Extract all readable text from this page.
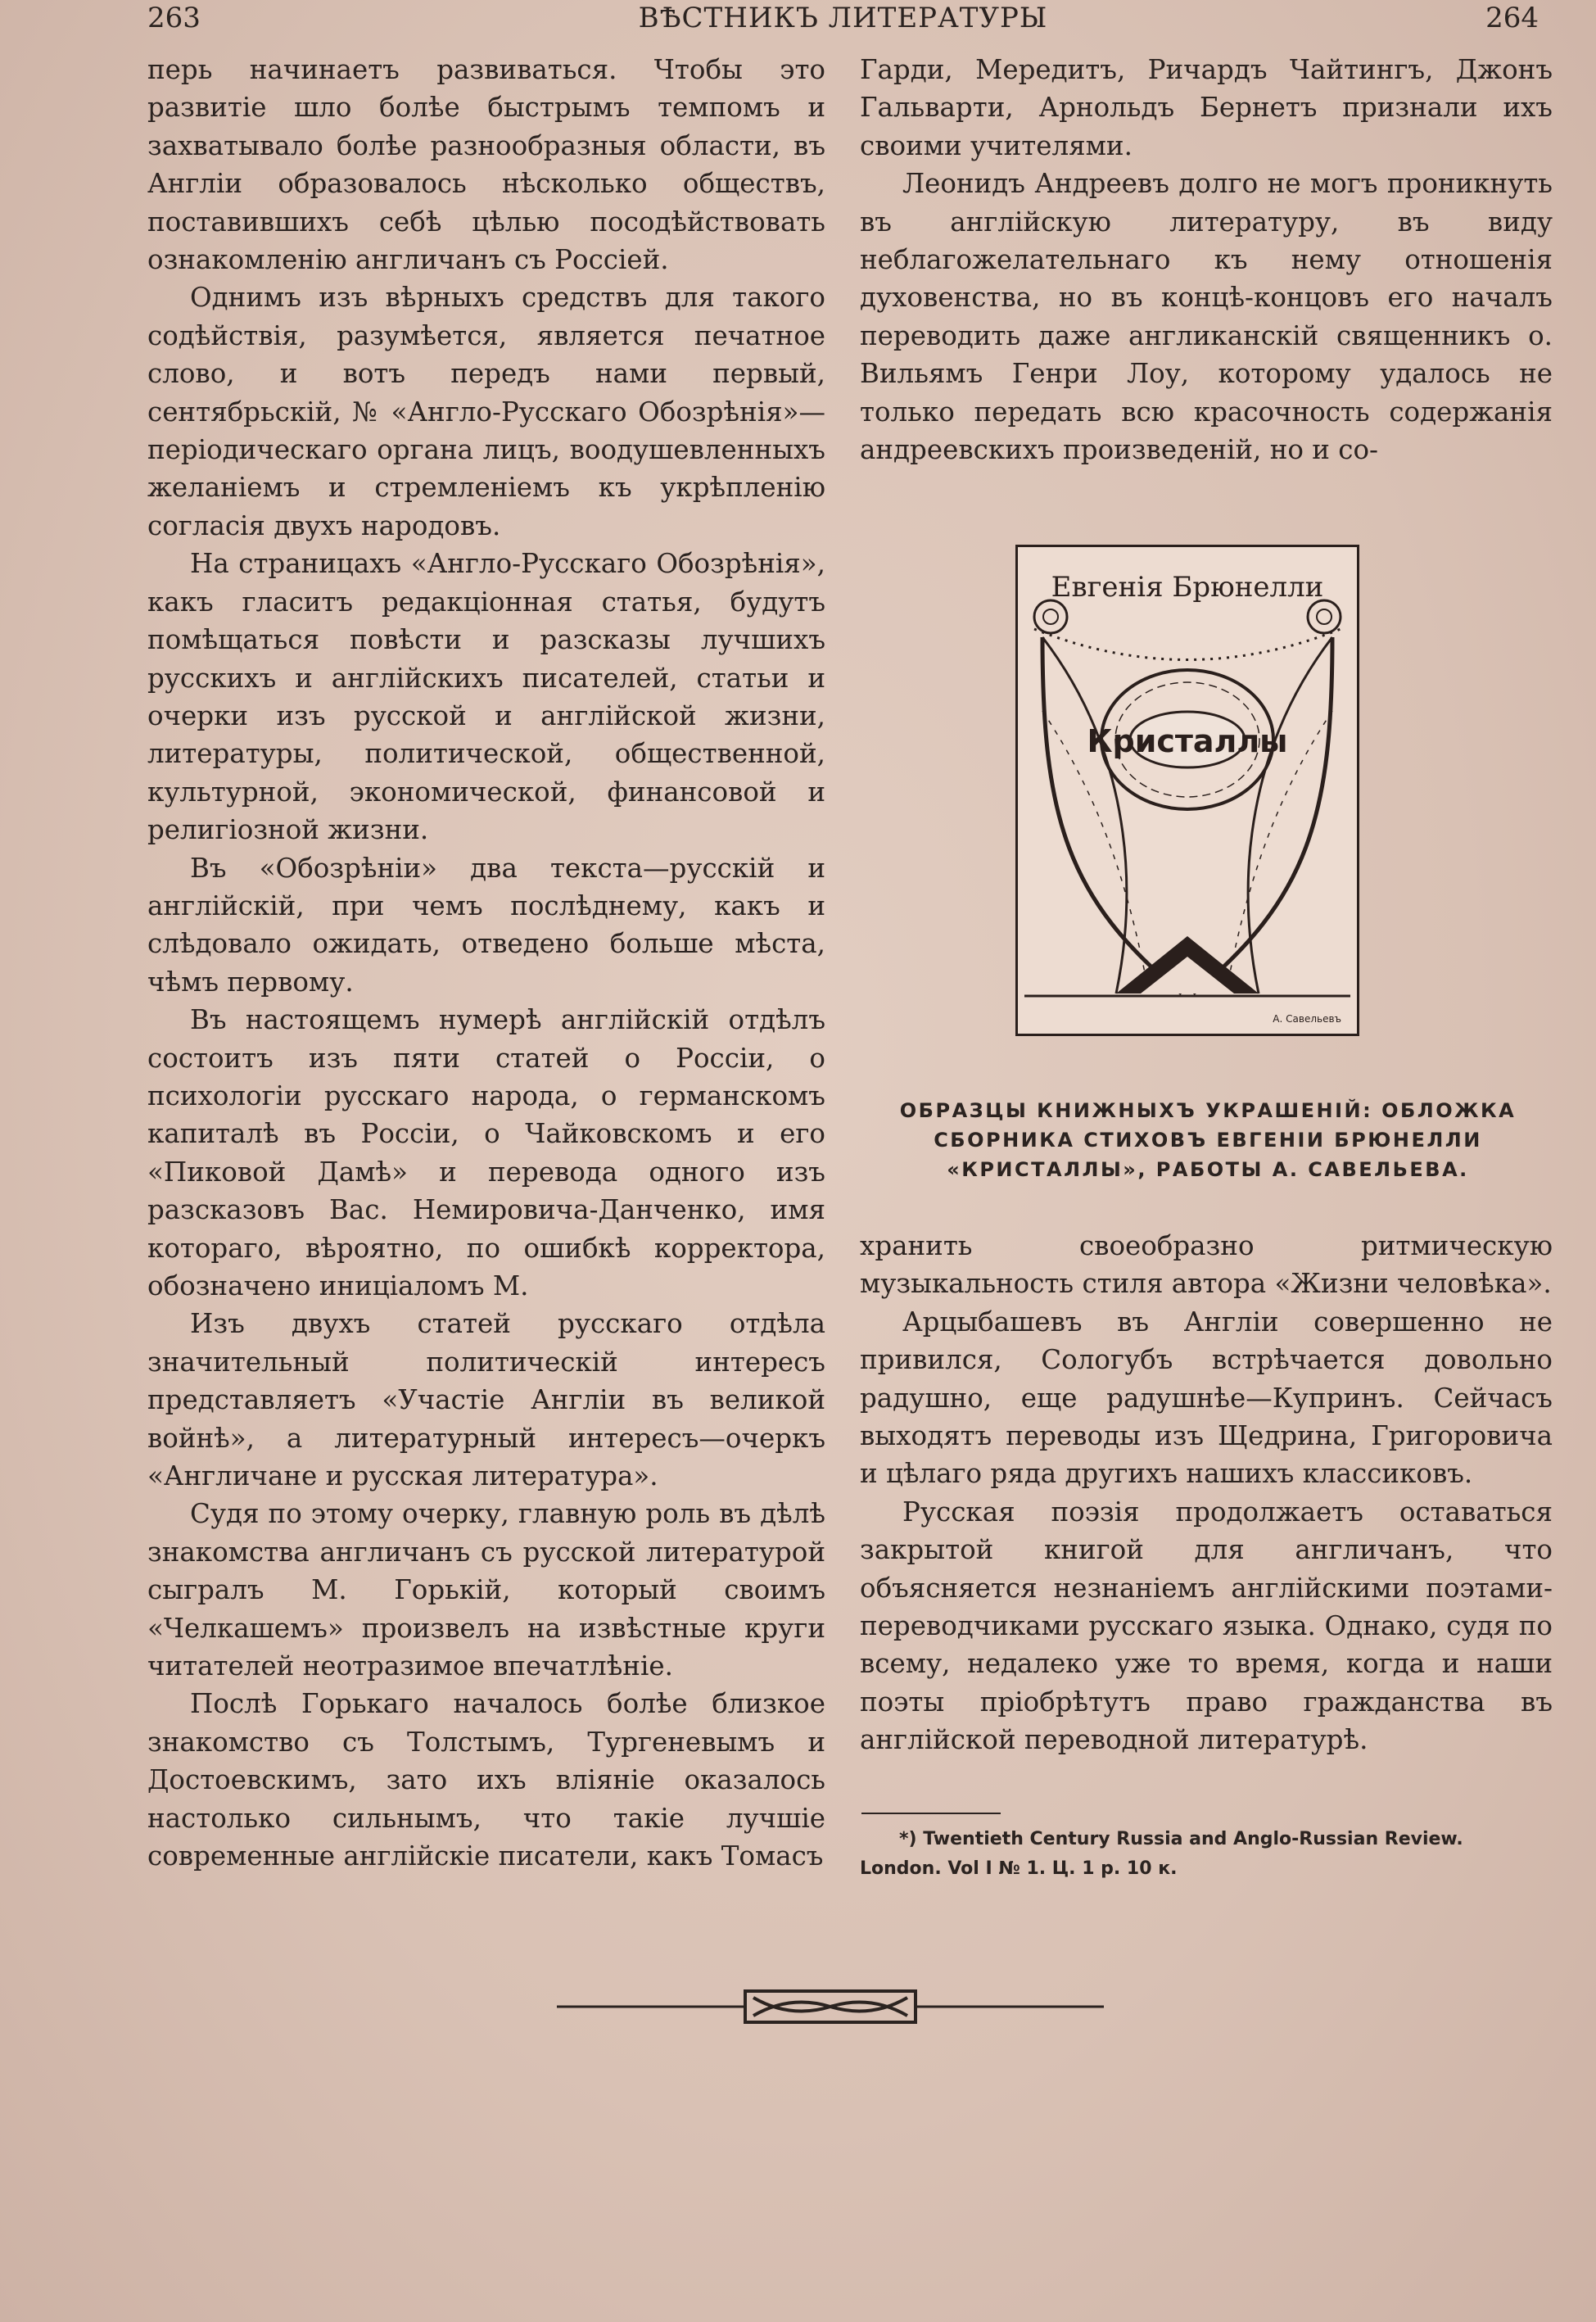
263	ВѢСТНИКЪ ЛИТЕРАТУРЫ	264

перь начинаетъ развиваться. Чтобы это развитіе шло болѣе быстрымъ темпомъ и захватывало болѣе разнообразныя области, въ Англіи образовалось нѣсколько обществъ, поставившихъ себѣ цѣлью посодѣйствовать ознакомленію англичанъ съ Россіей.

Однимъ изъ вѣрныхъ средствъ для такого содѣйствія, разумѣется, является печатное слово, и вотъ передъ нами первый, сентябрьскій, № «Англо-Русскаго Обозрѣнія»—періодическаго органа лицъ, воодушевленныхъ желаніемъ и стремленіемъ къ укрѣпленію согласія двухъ народовъ.

На страницахъ «Англо-Русскаго Обозрѣнія», какъ гласитъ редакціонная статья, будутъ помѣщаться повѣсти и разсказы лучшихъ русскихъ и англійскихъ писателей, статьи и очерки изъ русской и англійской жизни, литературы, политической, общественной, культурной, экономической, финансовой и религіозной жизни.

Въ «Обозрѣніи» два текста—русскій и англійскій, при чемъ послѣднему, какъ и слѣдовало ожидать, отведено больше мѣста, чѣмъ первому.

Въ настоящемъ нумерѣ англійскій отдѣлъ состоитъ изъ пяти статей о Россіи, о психологіи русскаго народа, о германскомъ капиталѣ въ Россіи, о Чайковскомъ и его «Пиковой Дамѣ» и перевода одного изъ разсказовъ Вас. Немировича-Данченко, имя котораго, вѣроятно, по ошибкѣ корректора, обозначено иниціаломъ М.

Изъ двухъ статей русскаго отдѣла значительный политическій интересъ представляетъ «Участіе Англіи въ великой войнѣ», а литературный интересъ—очеркъ «Англичане и русская литература».

Судя по этому очерку, главную роль въ дѣлѣ знакомства англичанъ съ русской литературой сыгралъ М. Горькій, который своимъ «Челкашемъ» произвелъ на извѣстные круги читателей неотразимое впечатлѣніе.

Послѣ Горькаго началось болѣе близкое знакомство съ Толстымъ, Тургеневымъ и Достоевскимъ, зато ихъ вліяніе оказалось настолько сильнымъ, что такіе лучшіе современные англійскіе писатели, какъ Томасъ

Гарди, Мередитъ, Ричардъ Чайтингъ, Джонъ Гальварти, Арнольдъ Бернетъ признали ихъ своими учителями.

Леонидъ Андреевъ долго не могъ проникнуть въ англійскую литературу, въ виду неблагожелательнаго къ нему отношенія духовенства, но въ концѣ-концовъ его началъ переводить даже англиканскій священникъ о. Вильямъ Генри Лоу, которому удалось не только передать всю красочность содержанія андреевскихъ произведеній, но и со-

Евгенія Брюнелли
Кристаллы
А. Савельевъ
ОБРАЗЦЫ КНИЖНЫХЪ УКРАШЕНІЙ: ОБЛОЖКА СБОРНИКА СТИХОВЪ ЕВГЕНІИ БРЮНЕЛЛИ «КРИСТАЛЛЫ», РАБОТЫ А. САВЕЛЬЕВА.

хранить своеобразно ритмическую музыкальность стиля автора «Жизни человѣка».

Арцыбашевъ въ Англіи совершенно не привился, Сологубъ встрѣчается довольно радушно, еще радушнѣе—Купринъ. Сейчасъ выходятъ переводы изъ Щедрина, Григоровича и цѣлаго ряда другихъ нашихъ классиковъ.

Русская поэзія продолжаетъ оставаться закрытой книгой для англичанъ, что объясняется незнаніемъ англійскими поэтами-переводчиками русскаго языка. Однако, судя по всему, недалеко уже то время, когда и наши поэты пріобрѣтутъ право гражданства въ англійской переводной литературѣ.

*) Twentieth Century Russia and Anglo-Russian Review.
London. Vol I № 1. Ц. 1 р. 10 к.
